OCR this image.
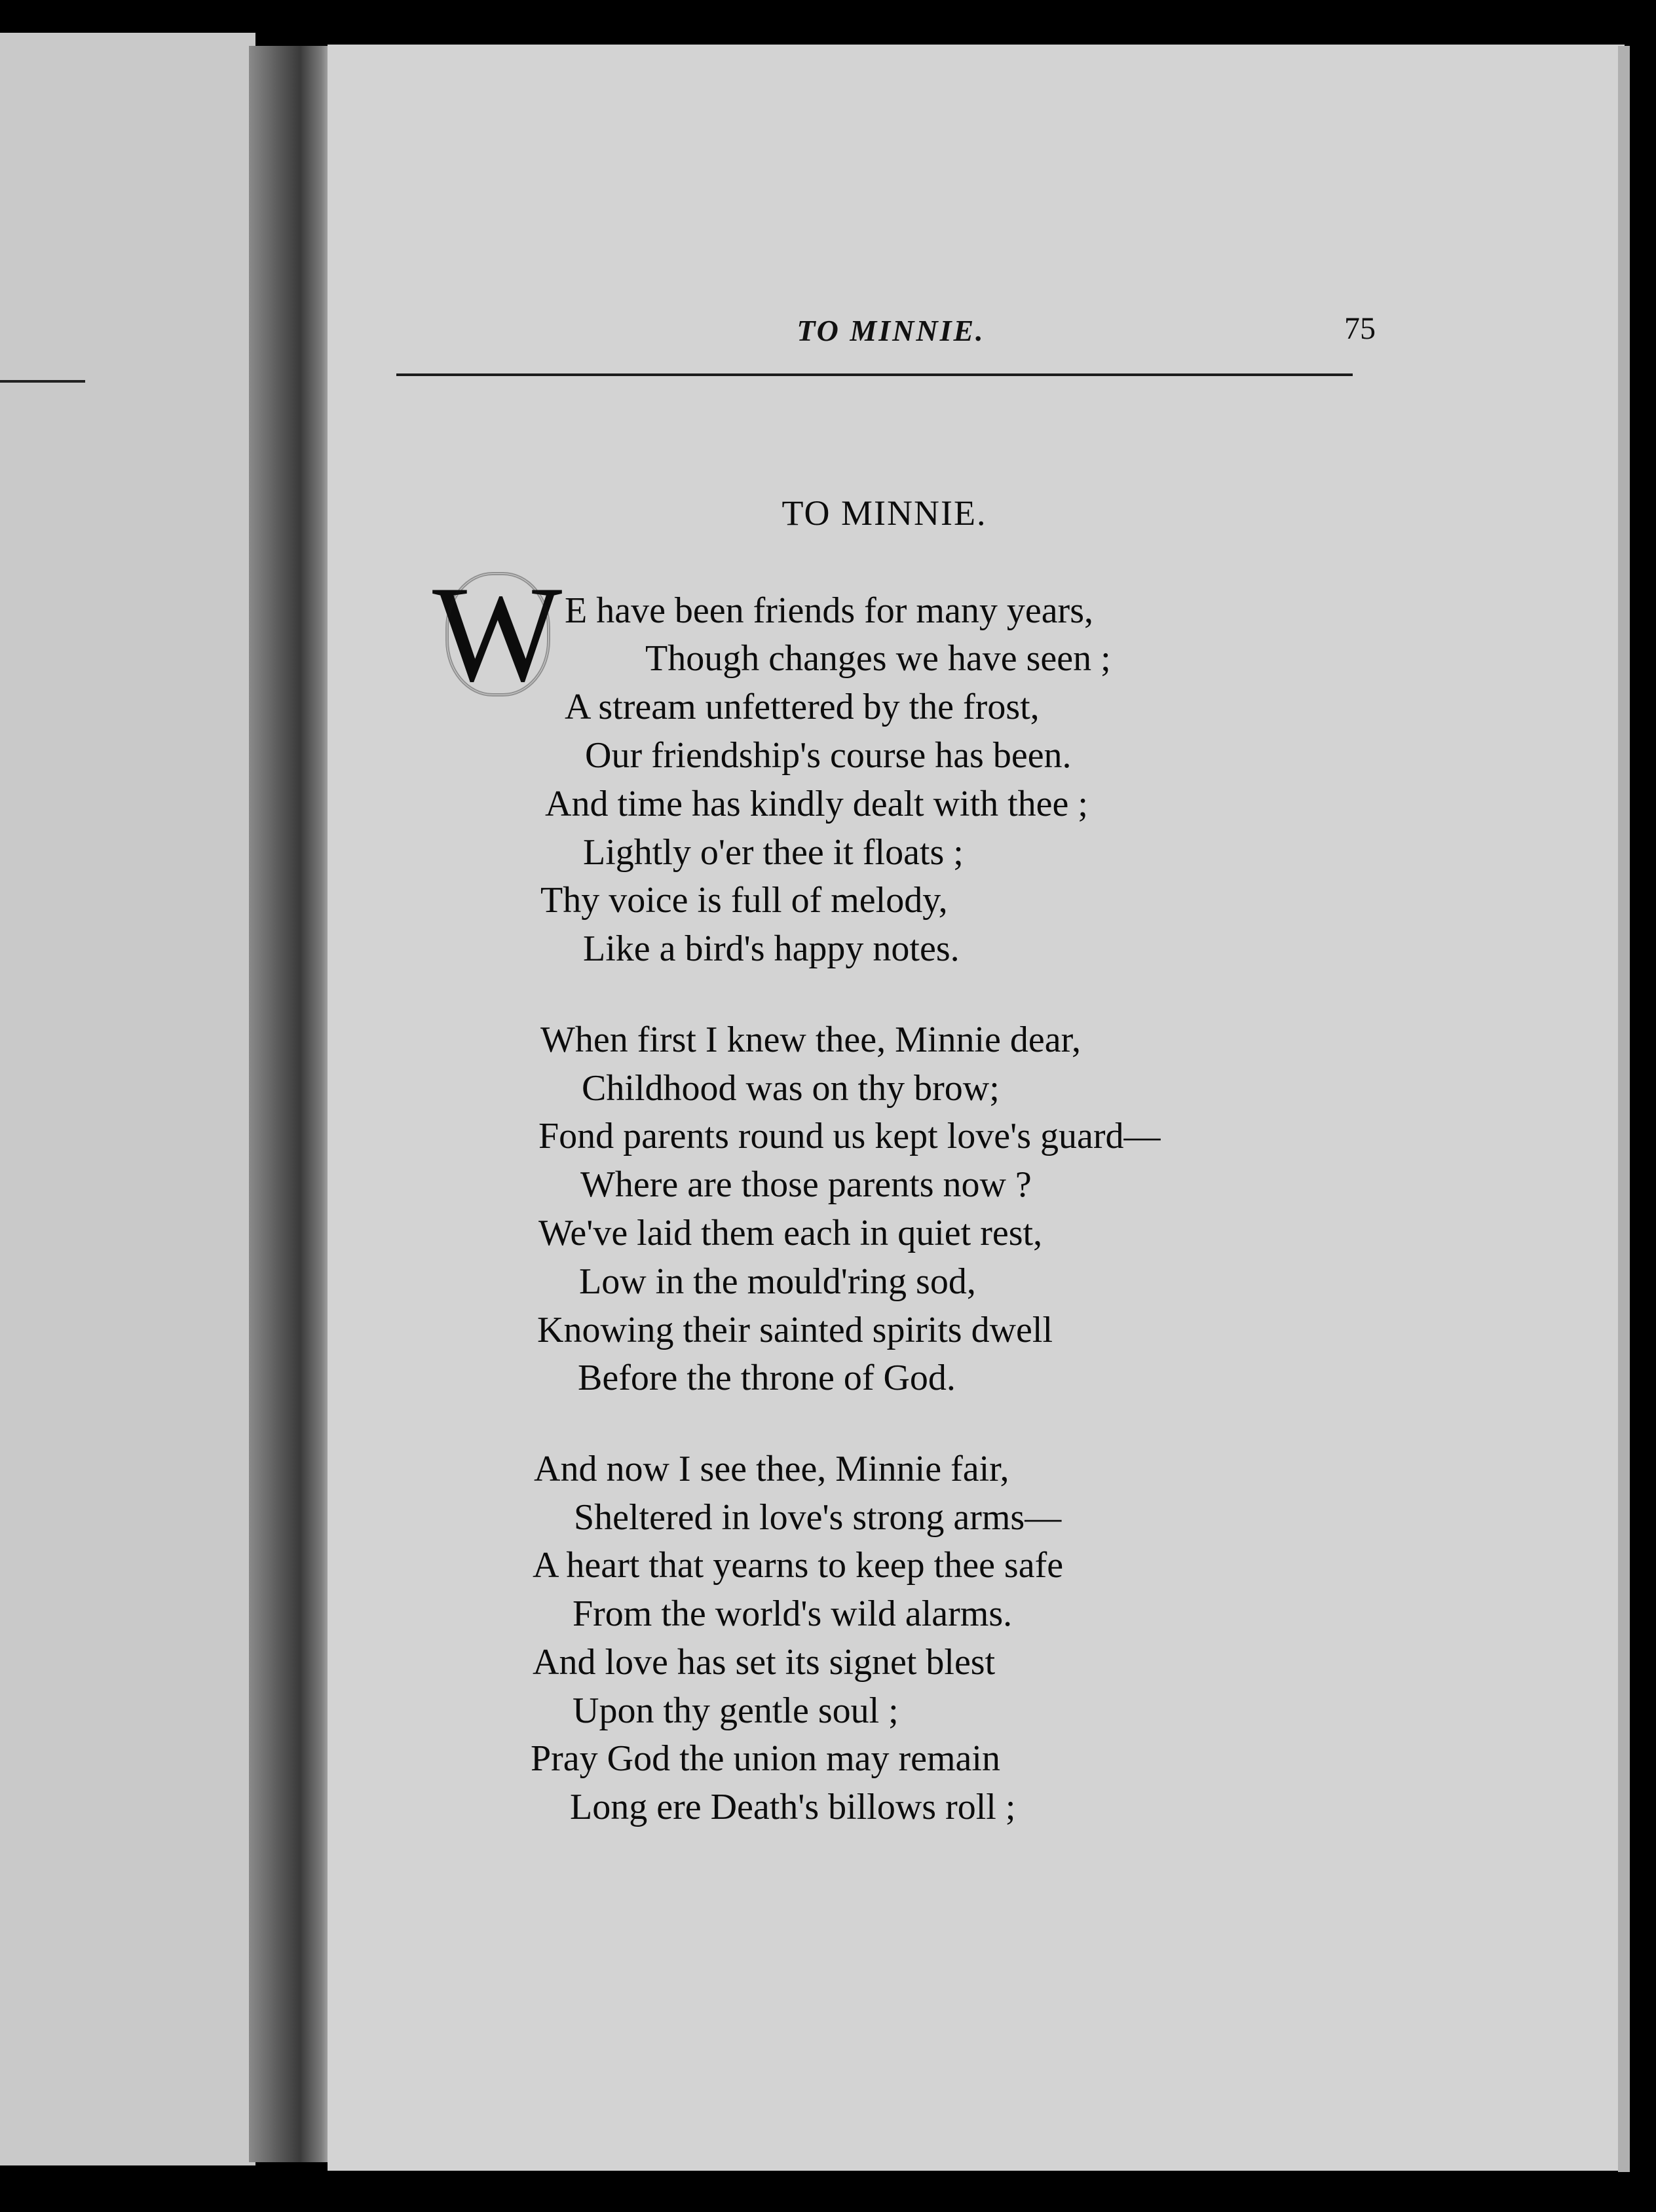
TO MINNIE.	75
TO MINNIE.
W E have been friends for many years,
Though changes we have seen ;
A stream unfettered by the frost,
Our friendship's course has been.
And time has kindly dealt with thee ;
Lightly o'er thee it floats ;
Thy voice is full of melody,
Like a bird's happy notes.
When first I knew thee, Minnie dear,
Childhood was on thy brow;
Fond parents round us kept love's guard—
Where are those parents now ?
We've laid them each in quiet rest,
Low in the mould'ring sod,
Knowing their sainted spirits dwell
Before the throne of God.
And now I see thee, Minnie fair,
Sheltered in love's strong arms—
A heart that yearns to keep thee safe
From the world's wild alarms.
And love has set its signet blest
Upon thy gentle soul ;
Pray God the union may remain
Long ere Death's billows roll ;
